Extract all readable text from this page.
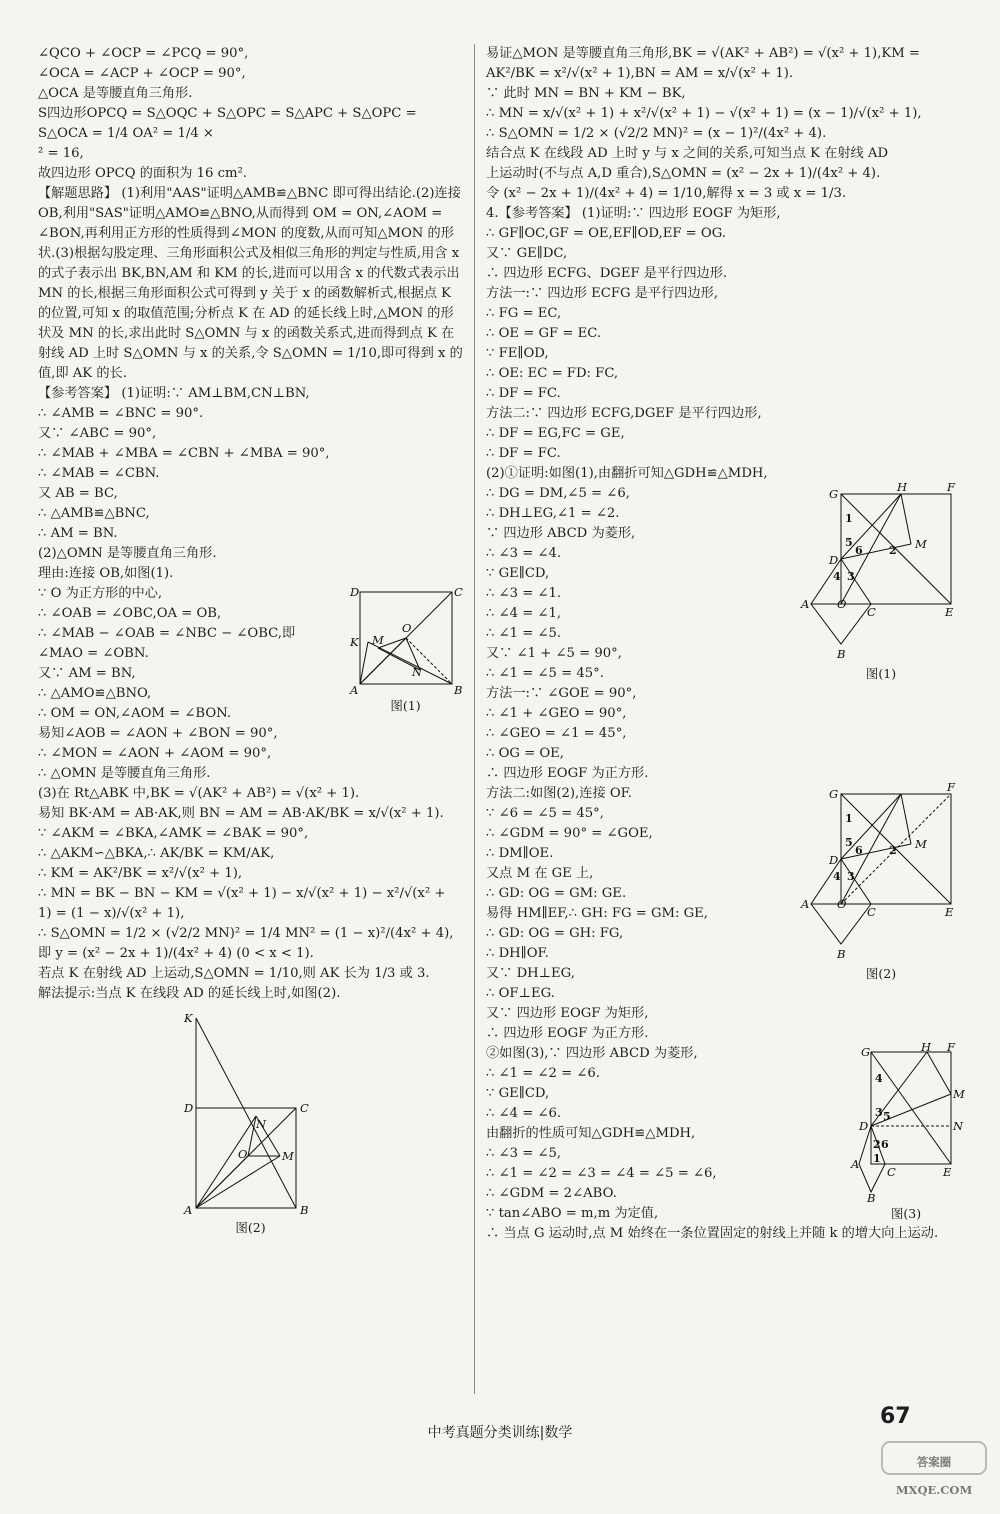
∠QCO + ∠OCP = ∠PCQ = 90°,

∠OCA = ∠ACP + ∠OCP = 90°,

△OCA 是等腰直角三角形.

S四边形OPCQ = S△OQC + S△OPC = S△APC + S△OPC = S△OCA = 1/4 OA² = 1/4 ×

² = 16,

故四边形 OPCQ 的面积为 16 cm².

【解题思路】 (1)利用"AAS"证明△AMB≌△BNC 即可得出结论.(2)连接 OB,利用"SAS"证明△AMO≌△BNO,从而得到 OM = ON,∠AOM = ∠BON,再利用正方形的性质得到∠MON 的度数,从而可知△MON 的形状.(3)根据勾股定理、三角形面积公式及相似三角形的判定与性质,用含 x 的式子表示出 BK,BN,AM 和 KM 的长,进而可以用含 x 的代数式表示出 MN 的长,根据三角形面积公式可得到 y 关于 x 的函数解析式,根据点 K 的位置,可知 x 的取值范围;分析点 K 在 AD 的延长线上时,△MON 的形状及 MN 的长,求出此时 S△OMN 与 x 的函数关系式,进而得到点 K 在射线 AD 上时 S△OMN 与 x 的关系,令 S△OMN = 1/10,即可得到 x 的值,即 AK 的长.

【参考答案】 (1)证明:∵ AM⊥BM,CN⊥BN,

∴ ∠AMB = ∠BNC = 90°.

又∵ ∠ABC = 90°,

∴ ∠MAB + ∠MBA = ∠CBN + ∠MBA = 90°,

∴ ∠MAB = ∠CBN.

又 AB = BC,

∴ △AMB≌△BNC,

∴ AM = BN.

(2)△OMN 是等腰直角三角形.

理由:连接 OB,如图(1).

∵ O 为正方形的中心,

∴ ∠OAB = ∠OBC,OA = OB,

∴ ∠MAB − ∠OAB = ∠NBC − ∠OBC,即

∠MAO = ∠OBN.

又∵ AM = BN,

∴ △AMO≌△BNO,

∴ OM = ON,∠AOM = ∠BON.

易知∠AOB = ∠AON + ∠BON = 90°,

D	C
K M
O
N
A	B
图(1)

∴ ∠MON = ∠AON + ∠AOM = 90°,

∴ △OMN 是等腰直角三角形.

(3)在 Rt△ABK 中,BK = √(AK² + AB²) = √(x² + 1).

易知 BK·AM = AB·AK,则 BN = AM = AB·AK/BK = x/√(x² + 1).

∵ ∠AKM = ∠BKA,∠AMK = ∠BAK = 90°,

∴ △AKM∽△BKA,∴ AK/BK = KM/AK,

∴ KM = AK²/BK = x²/√(x² + 1),

∴ MN = BK − BN − KM = √(x² + 1) − x/√(x² + 1) − x²/√(x² + 1) = (1 − x)/√(x² + 1),

∴ S△OMN = 1/2 × (√2/2 MN)² = 1/4 MN² = (1 − x)²/(4x² + 4),

即 y = (x² − 2x + 1)/(4x² + 4) (0 < x < 1).

若点 K 在射线 AD 上运动,S△OMN = 1/10,则 AK 长为 1/3 或 3.

解法提示:当点 K 在线段 AD 的延长线上时,如图(2).

K
D	C
N
O	M
A	B
图(2)

易证△MON 是等腰直角三角形,BK = √(AK² + AB²) = √(x² + 1),KM =

AK²/BK = x²/√(x² + 1),BN = AM = x/√(x² + 1).

∵ 此时 MN = BN + KM − BK,

∴ MN = x/√(x² + 1) + x²/√(x² + 1) − √(x² + 1) = (x − 1)/√(x² + 1),

∴ S△OMN = 1/2 × (√2/2 MN)² = (x − 1)²/(4x² + 4).

结合点 K 在线段 AD 上时 y 与 x 之间的关系,可知当点 K 在射线 AD

上运动时(不与点 A,D 重合),S△OMN = (x² − 2x + 1)/(4x² + 4).

令 (x² − 2x + 1)/(4x² + 4) = 1/10,解得 x = 3 或 x = 1/3.

4.【参考答案】 (1)证明:∵ 四边形 EOGF 为矩形,

∴ GF∥OC,GF = OE,EF∥OD,EF = OG.

又∵ GE∥DC,

∴ 四边形 ECFG、DGEF 是平行四边形.

方法一:∵ 四边形 ECFG 是平行四边形,

∴ FG = EC,

∴ OE = GF = EC.

∵ FE∥OD,

∴ OE: EC = FD: FC,

∴ DF = FC.

方法二:∵ 四边形 ECFG,DGEF 是平行四边形,

∴ DF = EG,FC = GE,

∴ DF = FC.

(2)①证明:如图(1),由翻折可知△GDH≌△MDH,

∴ DG = DM,∠5 = ∠6,

∴ DH⊥EG,∠1 = ∠2.

∵ 四边形 ABCD 为菱形,

∴ ∠3 = ∠4.

∵ GE∥CD,

∴ ∠3 = ∠1.

∴ ∠4 = ∠1,

∴ ∠1 = ∠5.

又∵ ∠1 + ∠5 = 90°,

∴ ∠1 = ∠5 = 45°.

G	H	F
D
M
A O
C	E
B
1
5
6 2
4 3
图(1)

方法一:∵ ∠GOE = 90°,

∴ ∠1 + ∠GEO = 90°,

∴ ∠GEO = ∠1 = 45°,

∴ OG = OE,

∴ 四边形 EOGF 为正方形.

方法二:如图(2),连接 OF.

∵ ∠6 = ∠5 = 45°,

∴ ∠GDM = 90° = ∠GOE,

∴ DM∥OE.

又点 M 在 GE 上,

∴ GD: OG = GM: GE.

易得 HM∥EF,∴ GH: FG = GM: GE,

∴ GD: OG = GH: FG,

∴ DH∥OF.

又∵ DH⊥EG,

∴ OF⊥EG.

又∵ 四边形 EOGF 为矩形,

∴ 四边形 EOGF 为正方形.

G	F
D
M
A O
C	E
B
1
5
6 2
4 3
图(2)

②如图(3),∵ 四边形 ABCD 为菱形,

∴ ∠1 = ∠2 = ∠6.

∵ GE∥CD,

∴ ∠4 = ∠6.

由翻折的性质可知△GDH≌△MDH,

∴ ∠3 = ∠5,

∴ ∠1 = ∠2 = ∠3 = ∠4 = ∠5 = ∠6,

∴ ∠GDM = 2∠ABO.

∵ tan∠ABO = m,m 为定值,

G	H F
D
M
N
A
C	E
B
4
3 5
2 6
1
图(3)

∴ 当点 G 运动时,点 M 始终在一条位置固定的射线上并随 k 的增大向上运动.

67
中考真题分类训练|数学
答案圈
MXQE.COM
